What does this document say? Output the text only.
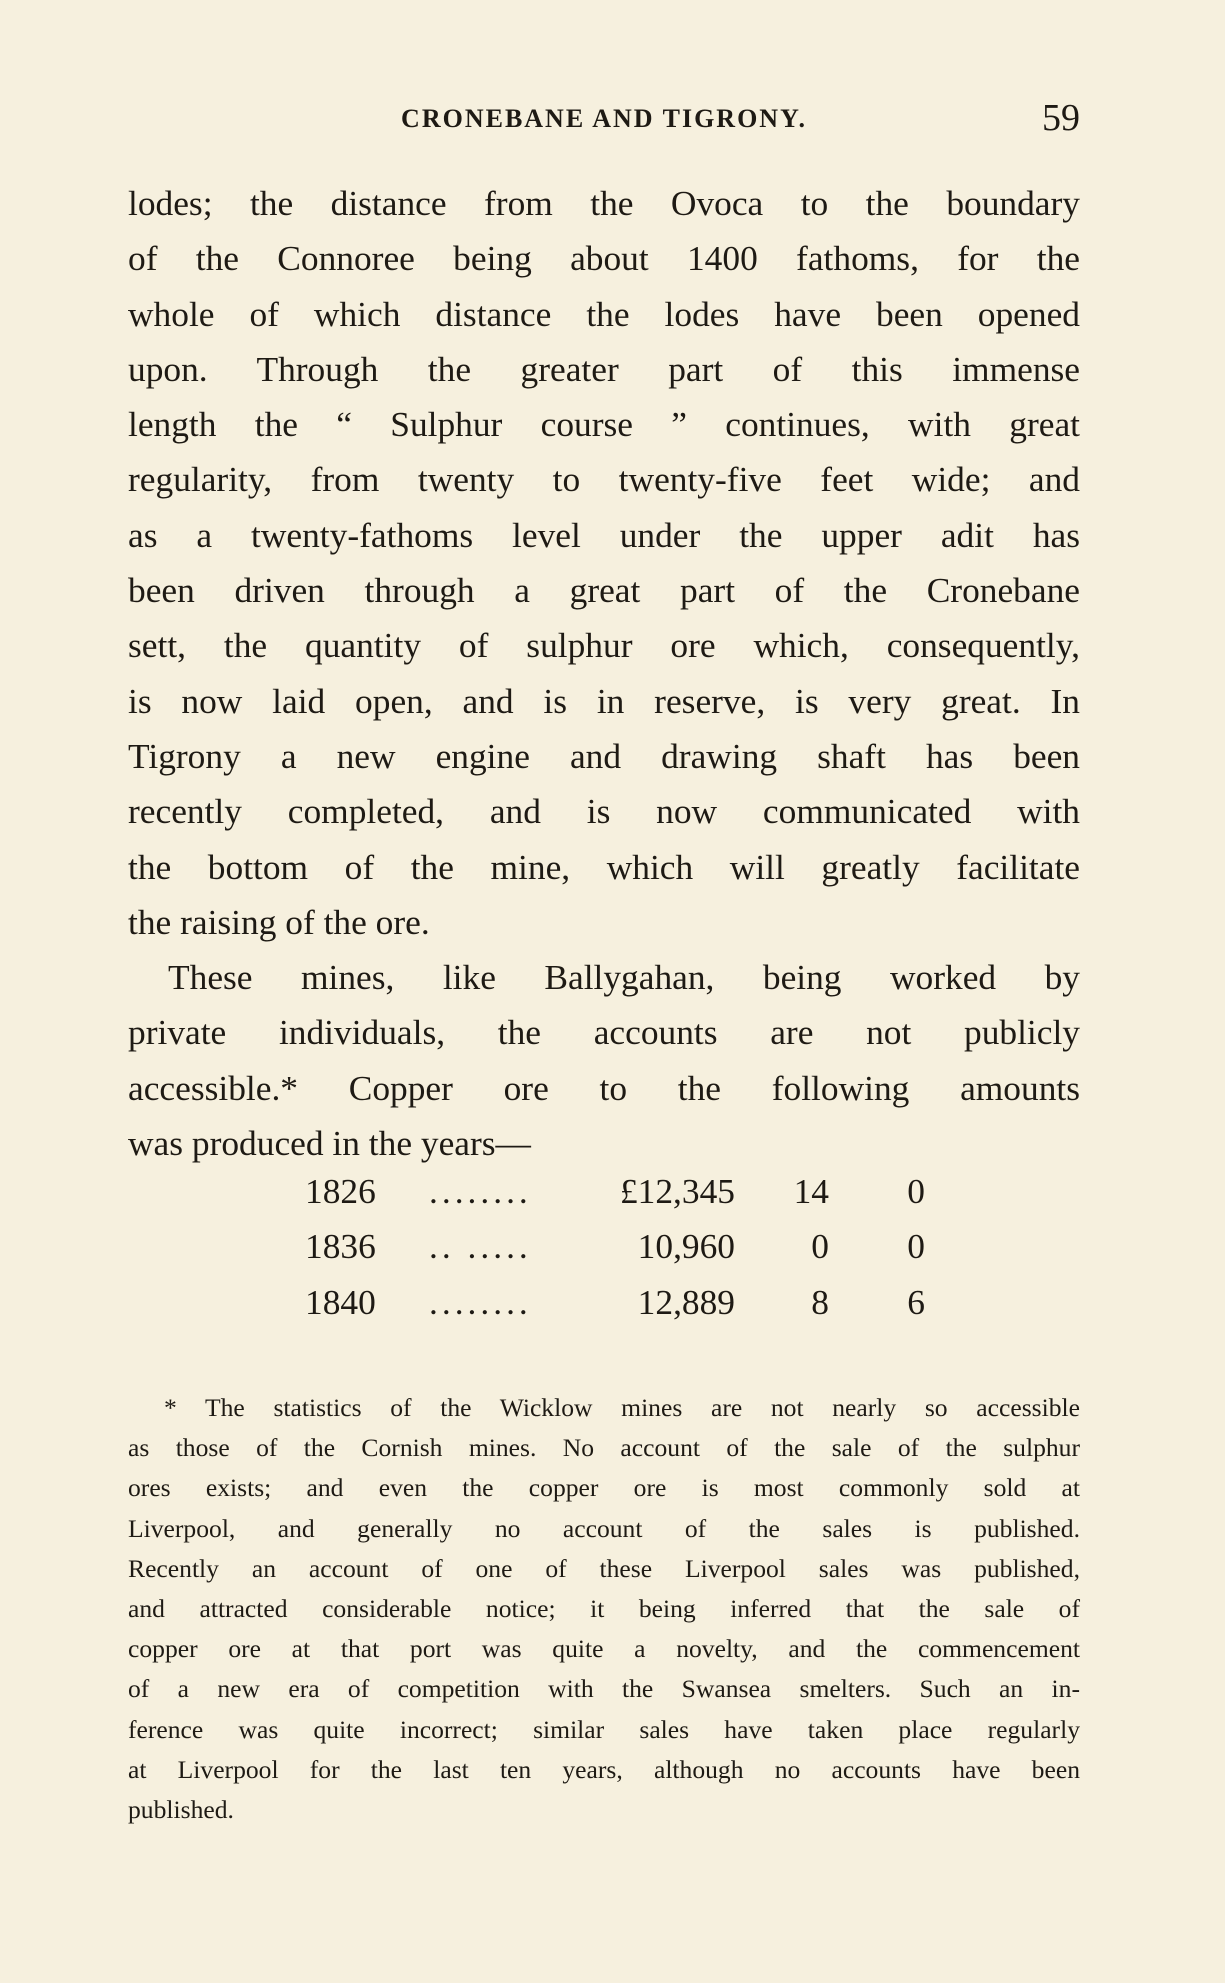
CRONEBANE AND TIGRONY.	59
lodes; the distance from the Ovoca to the boundary
of the Connoree being about 1400 fathoms, for the
whole of which distance the lodes have been opened
upon. Through the greater part of this immense
length the “ Sulphur course ” continues, with great
regularity, from twenty to twenty-five feet wide; and
as a twenty-fathoms level under the upper adit has
been driven through a great part of the Cronebane
sett, the quantity of sulphur ore which, consequently,
is now laid open, and is in reserve, is very great. In
Tigrony a new engine and drawing shaft has been
recently completed, and is now communicated with
the bottom of the mine, which will greatly facilitate
the raising of the ore.
These mines, like Ballygahan, being worked by
private individuals, the accounts are not publicly
accessible.* Copper ore to the following amounts
was produced in the years—
1826 ........ £12,345 14	0
1836 .. .....	10,960 0	0
1840 ........	12,889 8	6
* The statistics of the Wicklow mines are not nearly so accessible
as those of the Cornish mines. No account of the sale of the sulphur
ores exists; and even the copper ore is most commonly sold at
Liverpool, and generally no account of the sales is published.
Recently an account of one of these Liverpool sales was published,
and attracted considerable notice; it being inferred that the sale of
copper ore at that port was quite a novelty, and the commencement
of a new era of competition with the Swansea smelters. Such an in-
ference was quite incorrect; similar sales have taken place regularly
at Liverpool for the last ten years, although no accounts have been
published.
